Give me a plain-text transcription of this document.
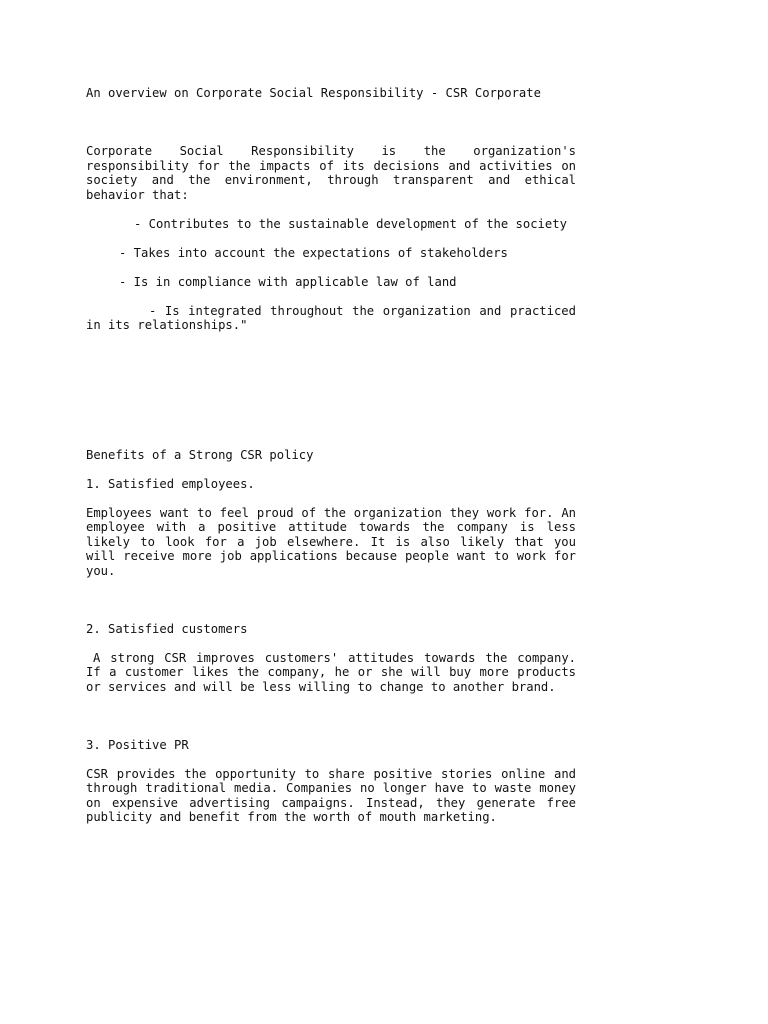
An overview on Corporate Social Responsibility - CSR Corporate

Corporate Social Responsibility is the organization's responsibility for the impacts of its decisions and activities on society and the environment, through transparent and ethical behavior that:

- Contributes to the sustainable development of the society

- Takes into account the expectations of stakeholders

- Is in compliance with applicable law of land

- Is integrated throughout the organization and practiced in its relationships."

Benefits of a Strong CSR policy

1. Satisfied employees.

Employees want to feel proud of the organization they work for. An employee with a positive attitude towards the company is less likely to look for a job elsewhere. It is also likely that you will receive more job applications because people want to work for you.

2. Satisfied customers

A strong CSR improves customers' attitudes towards the company. If a customer likes the company, he or she will buy more products or services and will be less willing to change to another brand.

3. Positive PR

CSR provides the opportunity to share positive stories online and through traditional media. Companies no longer have to waste money on expensive advertising campaigns. Instead, they generate free publicity and benefit from the worth of mouth marketing.
